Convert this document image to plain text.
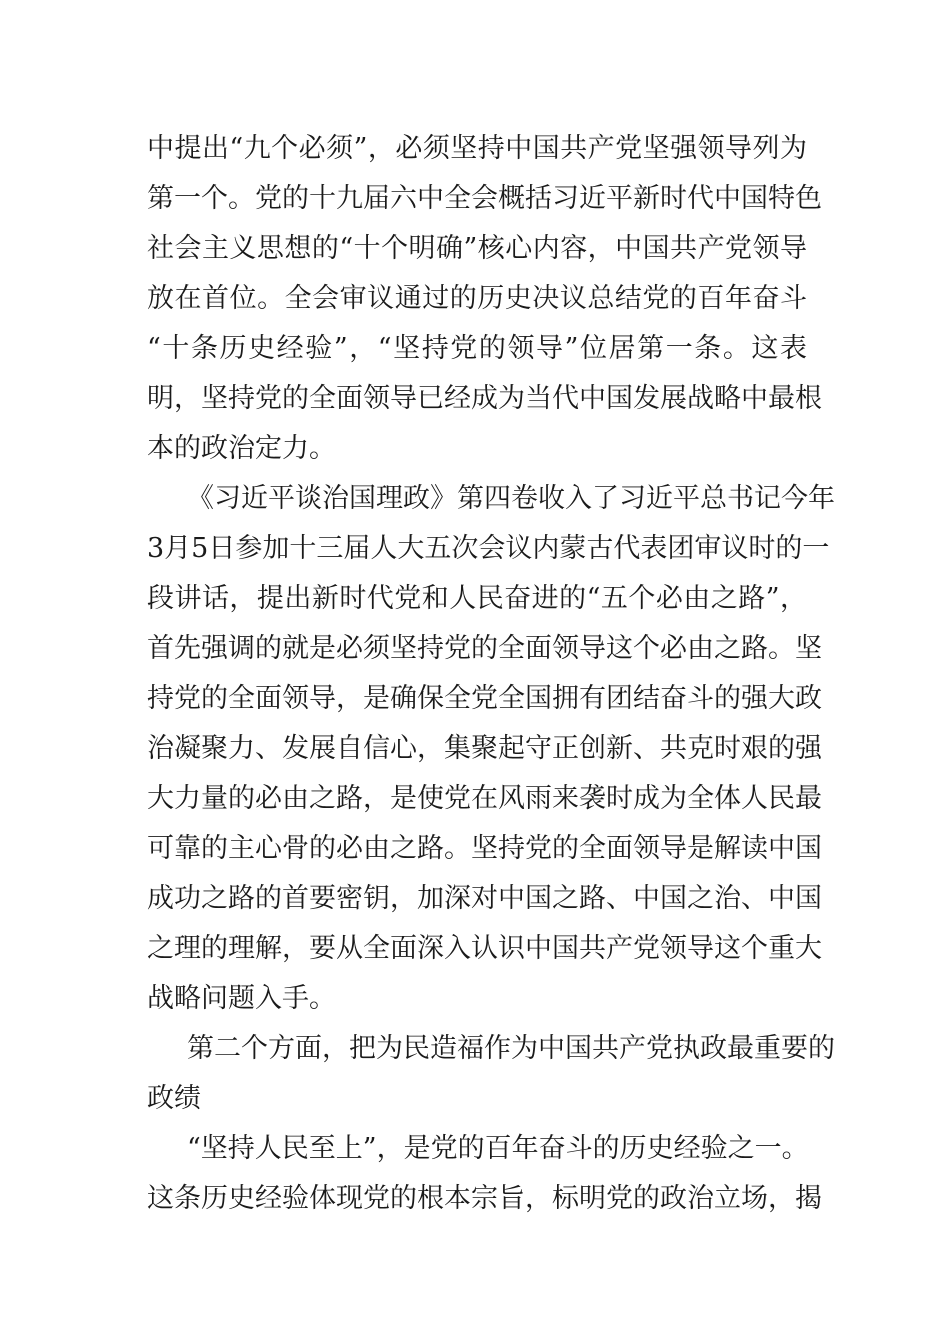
中提出“九个必须”，必须坚持中国共产党坚强领导列为
第一个。党的十九届六中全会概括习近平新时代中国特色
社会主义思想的“十个明确”核心内容，中国共产党领导
放在首位。全会审议通过的历史决议总结党的百年奋斗
“十条历史经验”，“坚持党的领导”位居第一条。这表
明，坚持党的全面领导已经成为当代中国发展战略中最根
本的政治定力。
《习近平谈治国理政》第四卷收入了习近平总书记今年
3月5日参加十三届人大五次会议内蒙古代表团审议时的一
段讲话，提出新时代党和人民奋进的“五个必由之路”，
首先强调的就是必须坚持党的全面领导这个必由之路。坚
持党的全面领导，是确保全党全国拥有团结奋斗的强大政
治凝聚力、发展自信心，集聚起守正创新、共克时艰的强
大力量的必由之路，是使党在风雨来袭时成为全体人民最
可靠的主心骨的必由之路。坚持党的全面领导是解读中国
成功之路的首要密钥，加深对中国之路、中国之治、中国
之理的理解，要从全面深入认识中国共产党领导这个重大
战略问题入手。
第二个方面，把为民造福作为中国共产党执政最重要的
政绩
“坚持人民至上”，是党的百年奋斗的历史经验之一。
这条历史经验体现党的根本宗旨，标明党的政治立场，揭
